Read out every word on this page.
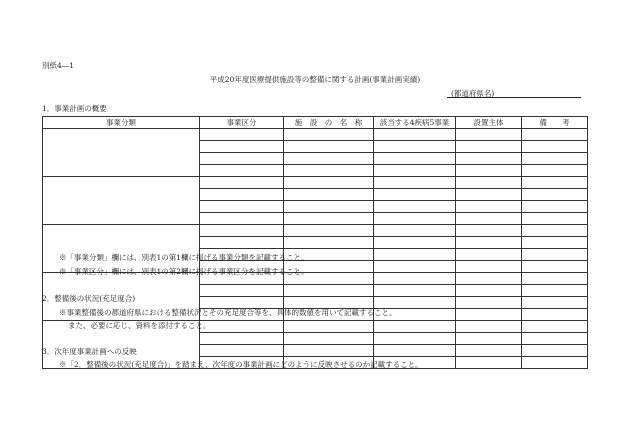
別紙4―1
平成20年度医療提供施設等の整備に関する計画(事業計画実績)
(都道府県名)
1．事業計画の概要
事業分類	事業区分	施　設　の　名　称	該当する4疾病5事業	設置主体	備　　考

※「事業分類」欄には、別表1の第1欄に掲げる事業分類を記載すること。
※「事業区分」欄には、別表1の第2欄に掲げる事業区分を記載すること。
2．整備後の状況(充足度合)
※事業整備後の都道府県における整備状況とその充足度合等を、具体的数値を用いて記載すること。
また、必要に応じ、資料を添付すること。
3．次年度事業計画への反映
※「2．整備後の状況(充足度合)」を踏まえ、次年度の事業計画にどのように反映させるのか記載すること。
